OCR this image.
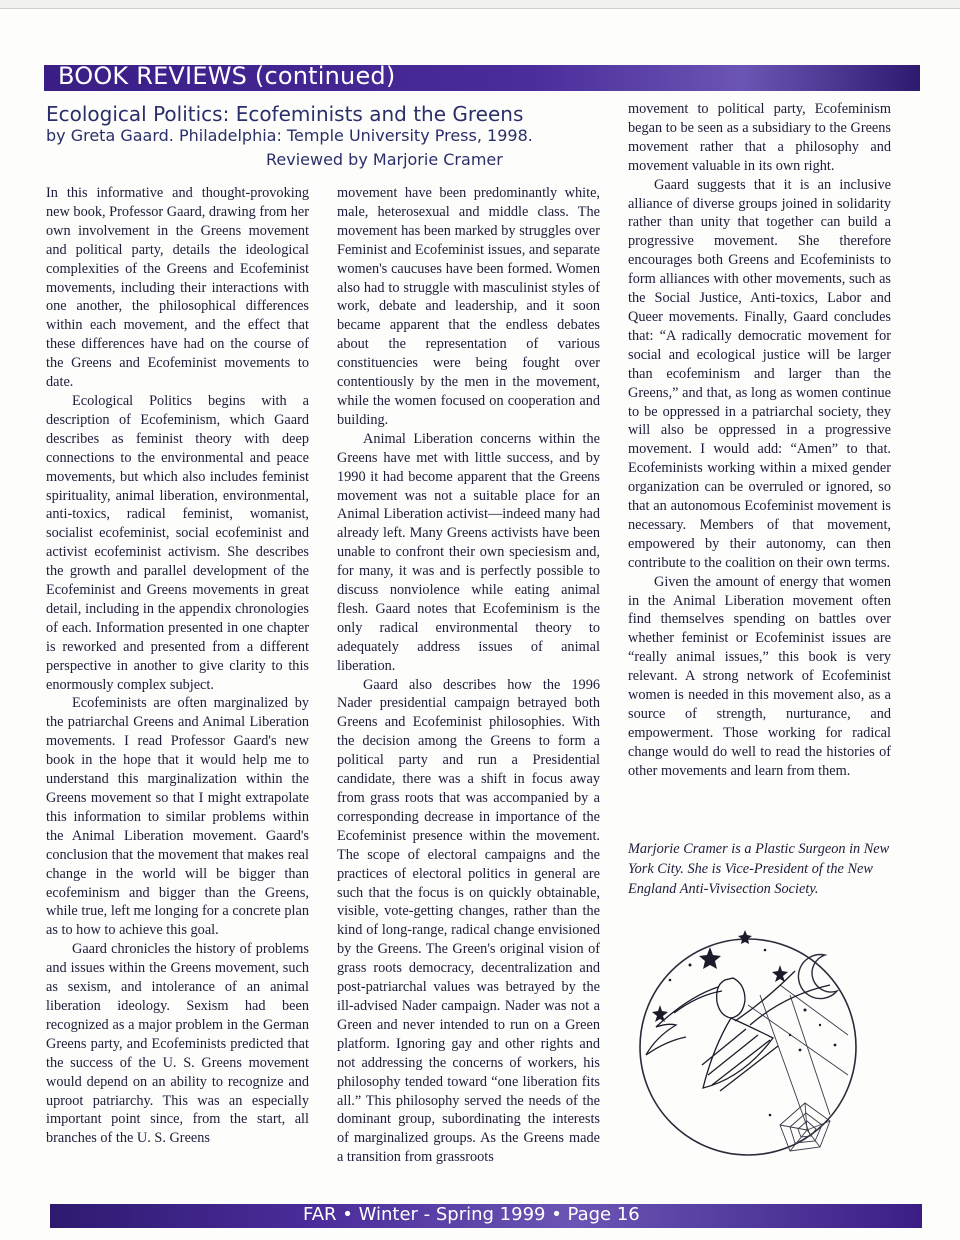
BOOK REVIEWS (continued)
Ecological Politics: Ecofeminists and the Greens
by Greta Gaard. Philadelphia: Temple University Press, 1998.
Reviewed by Marjorie Cramer

In this informative and thought-provoking new book, Professor Gaard, drawing from her own involvement in the Greens movement and political party, details the ideological complexities of the Greens and Ecofeminist movements, including their interactions with one another, the philosophical differences within each movement, and the effect that these differences have had on the course of the Greens and Ecofeminist movements to date.

Ecological Politics begins with a description of Ecofeminism, which Gaard describes as feminist theory with deep connections to the environmental and peace movements, but which also includes feminist spirituality, animal liberation, environmental, anti-toxics, radical feminist, womanist, socialist ecofeminist, social ecofeminist and activist ecofeminist activism. She describes the growth and parallel development of the Ecofeminist and Greens movements in great detail, including in the appendix chronologies of each. Information presented in one chapter is reworked and presented from a different perspective in another to give clarity to this enormously complex subject.

Ecofeminists are often marginalized by the patriarchal Greens and Animal Liberation movements. I read Professor Gaard's new book in the hope that it would help me to understand this marginalization within the Greens movement so that I might extrapolate this information to similar problems within the Animal Liberation movement. Gaard's conclusion that the movement that makes real change in the world will be bigger than ecofeminism and bigger than the Greens, while true, left me longing for a concrete plan as to how to achieve this goal.

Gaard chronicles the history of problems and issues within the Greens movement, such as sexism, and intolerance of an animal liberation ideology. Sexism had been recognized as a major problem in the German Greens party, and Ecofeminists predicted that the success of the U. S. Greens movement would depend on an ability to recognize and uproot patriarchy. This was an especially important point since, from the start, all branches of the U. S. Greens

movement have been predominantly white, male, heterosexual and middle class. The movement has been marked by struggles over Feminist and Ecofeminist issues, and separate women's caucuses have been formed. Women also had to struggle with masculinist styles of work, debate and leadership, and it soon became apparent that the endless debates about the representation of various constituencies were being fought over contentiously by the men in the movement, while the women focused on cooperation and building.

Animal Liberation concerns within the Greens have met with little success, and by 1990 it had become apparent that the Greens movement was not a suitable place for an Animal Liberation activist—indeed many had already left. Many Greens activists have been unable to confront their own speciesism and, for many, it was and is perfectly possible to discuss nonviolence while eating animal flesh. Gaard notes that Ecofeminism is the only radical environmental theory to adequately address issues of animal liberation.

Gaard also describes how the 1996 Nader presidential campaign betrayed both Greens and Ecofeminist philosophies. With the decision among the Greens to form a political party and run a Presidential candidate, there was a shift in focus away from grass roots that was accompanied by a corresponding decrease in importance of the Ecofeminist presence within the movement. The scope of electoral campaigns and the practices of electoral politics in general are such that the focus is on quickly obtainable, visible, vote-getting changes, rather than the kind of long-range, radical change envisioned by the Greens. The Green's original vision of grass roots democracy, decentralization and post-patriarchal values was betrayed by the ill-advised Nader campaign. Nader was not a Green and never intended to run on a Green platform. Ignoring gay and other rights and not addressing the concerns of workers, his philosophy tended toward “one liberation fits all.” This philosophy served the needs of the dominant group, subordinating the interests of marginalized groups. As the Greens made a transition from grassroots

movement to political party, Ecofeminism began to be seen as a subsidiary to the Greens movement rather that a philosophy and movement valuable in its own right.

Gaard suggests that it is an inclusive alliance of diverse groups joined in solidarity rather than unity that together can build a progressive movement. She therefore encourages both Greens and Ecofeminists to form alliances with other movements, such as the Social Justice, Anti-toxics, Labor and Queer movements. Finally, Gaard concludes that: “A radically democratic movement for social and ecological justice will be larger than ecofeminism and larger than the Greens,” and that, as long as women continue to be oppressed in a patriarchal society, they will also be oppressed in a progressive movement. I would add: “Amen” to that. Ecofeminists working within a mixed gender organization can be overruled or ignored, so that an autonomous Ecofeminist movement is necessary. Members of that movement, empowered by their autonomy, can then contribute to the coalition on their own terms.

Given the amount of energy that women in the Animal Liberation movement often find themselves spending on battles over whether feminist or Ecofeminist issues are “really animal issues,” this book is very relevant. A strong network of Ecofeminist women is needed in this movement also, as a source of strength, nurturance, and empowerment. Those working for radical change would do well to read the histories of other movements and learn from them.

Marjorie Cramer is a Plastic Surgeon in New York City. She is Vice-President of the New England Anti-Vivisection Society.
FAR • Winter - Spring 1999 • Page 16
